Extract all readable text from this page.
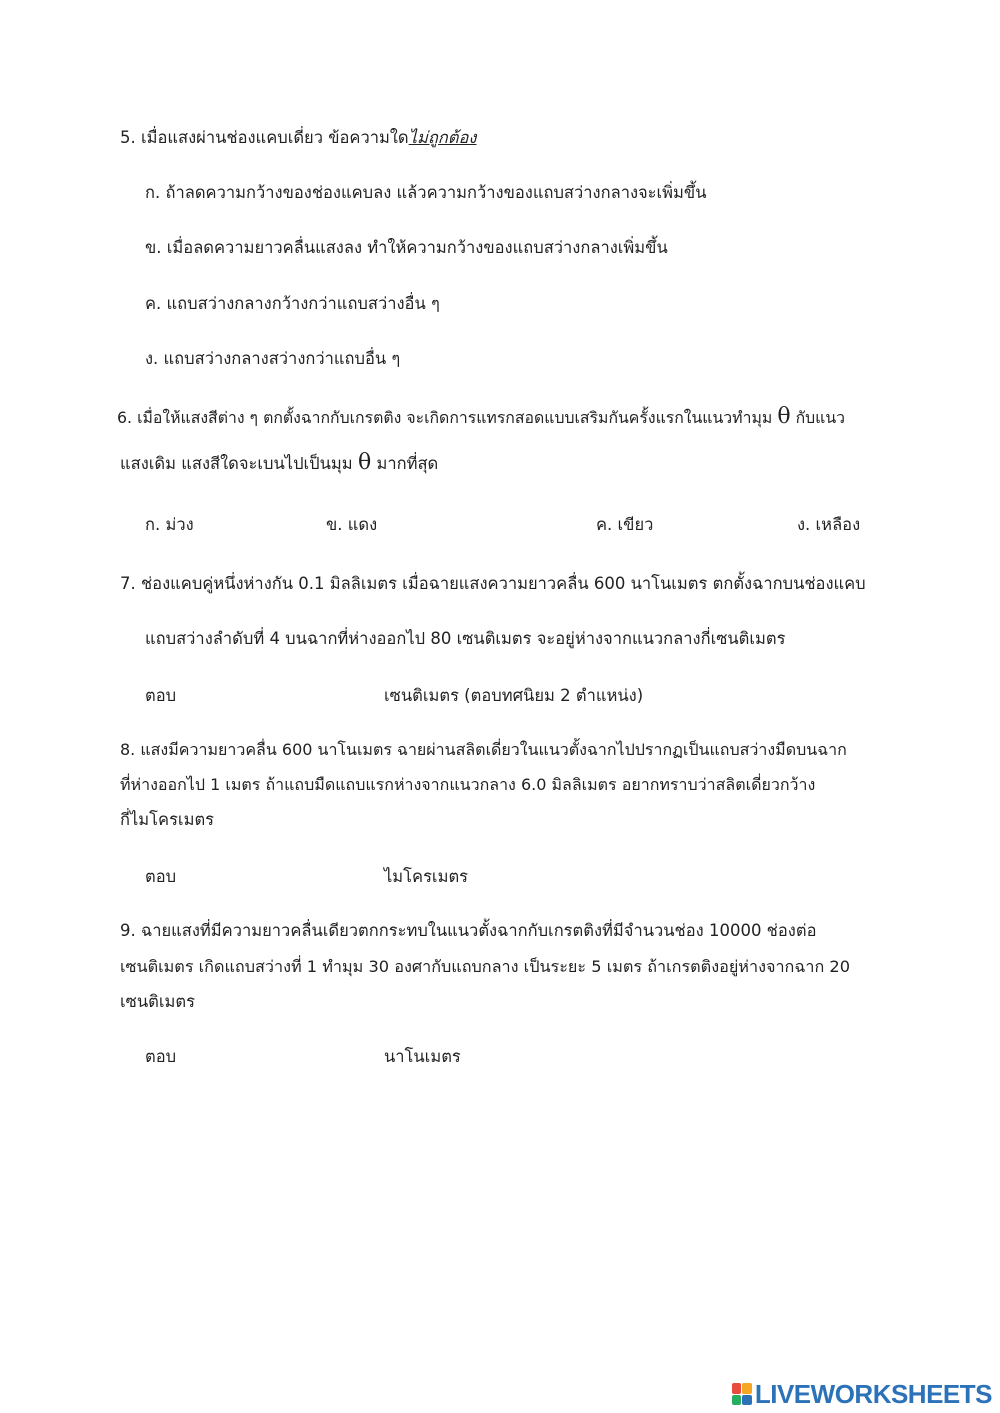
5. เมื่อแสงผ่านช่องแคบเดี่ยว ข้อความใดไม่ถูกต้อง
ก. ถ้าลดความกว้างของช่องแคบลง แล้วความกว้างของแถบสว่างกลางจะเพิ่มขึ้น
ข. เมื่อลดความยาวคลื่นแสงลง ทำให้ความกว้างของแถบสว่างกลางเพิ่มขึ้น
ค. แถบสว่างกลางกว้างกว่าแถบสว่างอื่น ๆ
ง. แถบสว่างกลางสว่างกว่าแถบอื่น ๆ
6. เมื่อให้แสงสีต่าง ๆ ตกตั้งฉากกับเกรตติง จะเกิดการแทรกสอดแบบเสริมกันครั้งแรกในแนวทำมุม θ กับแนว
แสงเดิม แสงสีใดจะเบนไปเป็นมุม θ มากที่สุด
ก. ม่วง	ข. แดง	ค. เขียว	ง. เหลือง
7. ช่องแคบคู่หนึ่งห่างกัน 0.1 มิลลิเมตร เมื่อฉายแสงความยาวคลื่น 600 นาโนเมตร ตกตั้งฉากบนช่องแคบ
แถบสว่างลำดับที่ 4 บนฉากที่ห่างออกไป 80 เซนติเมตร จะอยู่ห่างจากแนวกลางกี่เซนติเมตร
ตอบ	เซนติเมตร (ตอบทศนิยม 2 ตำแหน่ง)
8. แสงมีความยาวคลื่น 600 นาโนเมตร ฉายผ่านสลิตเดี่ยวในแนวตั้งฉากไปปรากฏเป็นแถบสว่างมืดบนฉาก
ที่ห่างออกไป 1 เมตร ถ้าแถบมืดแถบแรกห่างจากแนวกลาง 6.0 มิลลิเมตร อยากทราบว่าสลิตเดี่ยวกว้าง
กี่ไมโครเมตร
ตอบ	ไมโครเมตร
9. ฉายแสงที่มีความยาวคลื่นเดียวตกกระทบในแนวตั้งฉากกับเกรตติงที่มีจำนวนช่อง 10000 ช่องต่อ
เซนติเมตร เกิดแถบสว่างที่ 1 ทำมุม 30 องศากับแถบกลาง เป็นระยะ 5 เมตร ถ้าเกรตติงอยู่ห่างจากฉาก 20
เซนติเมตร
ตอบ	นาโนเมตร
LIVEWORKSHEETS
